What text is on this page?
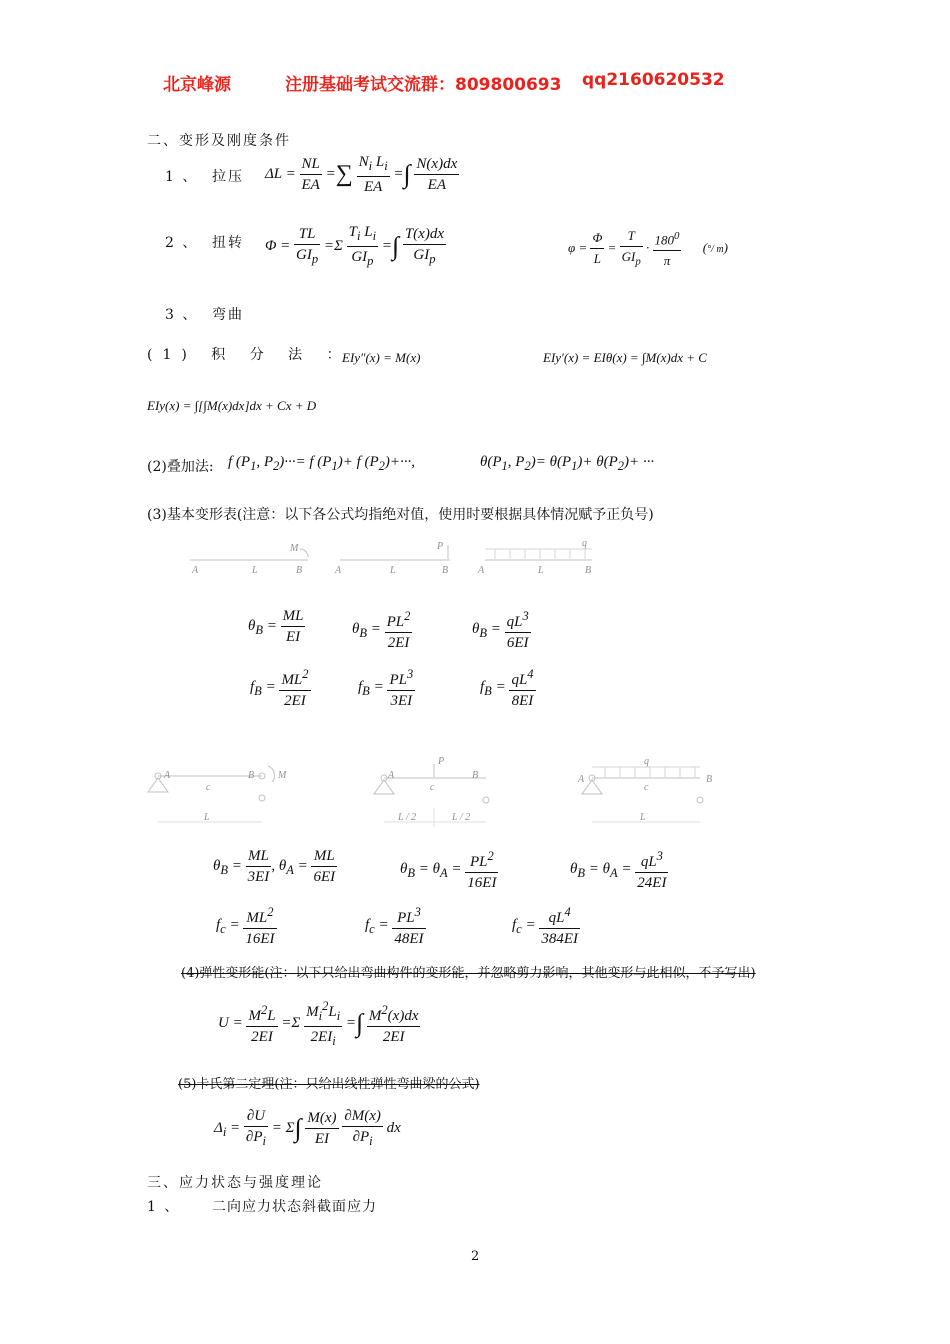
北京峰源	注册基础考试交流群：809800693 qq2160620532
二、变形及刚度条件
1 、 拉压 $\Delta L = \frac{NL}{EA}$ =∑ $\frac{N_i L_i}{EA}$ =∫ $\frac{N(x)dx}{EA}$
2 、 扭转 $\Phi = \frac{TL}{GI_p} =\Sigma \frac{T_i L_i}{GI_p}$ =∫ $\frac{T(x)dx}{GI_p}$	$\varphi = \frac{\Phi}{L} = \frac{T}{GI_p} \cdot \frac{180^0}{\pi}$ (°/ m)
3 、 弯曲
(1) 积 分 法 ：
EIy″(x) = M(x)	EIy′(x) = EIθ(x) = ∫M(x)dx + C
EIy(x) = ∫[∫M(x)dx]dx + Cx + D
(2)叠加法: f ($P_1$, $P_2)\cdot\cdot\cdot= f$ $(P_1)+ f$ $(P_2)+\cdot\cdot\cdot$,	$\theta(P_1$, $P_2)= \theta(P_1)+ \theta(P_2)+$ ···
(3)基本变形表(注意：以下各公式均指绝对值，使用时要根据具体情况赋予正负号)
M
A	L	B
P
A	L	B
q
A	L	B
$\theta_B = \frac{ML}{EI}$	$\theta_B = \frac{PL^2}{2EI}$	$\theta_B = \frac{qL^3}{6EI}$
$f_B = \frac{ML^2}{2EI}$	$f_B = \frac{PL^3}{3EI}$	$f_B = \frac{qL^4}{8EI}$
A	B M
c
L
P
A	B
c
L / 2	L / 2
q
A	B
c
L
$\theta_B = \frac{ML}{3EI}$ , $\theta_A = \frac{ML}{6EI}$	$\theta_B = \theta_A = \frac{PL^2}{16EI}$	$\theta_B = \theta_A = \frac{qL^3}{24EI}$
$f_c = \frac{ML^2}{16EI}$	$f_c = \frac{PL^3}{48EI}$	$f_c = \frac{qL^4}{384EI}$
(4)弹性变形能(注：以下只给出弯曲构件的变形能，并忽略剪力影响，其他变形与此相似，不予写出)
$U = \frac{M^2L}{2EI} =\Sigma \frac{M_i^2L_i}{2EI_i}$ =∫ $\frac{M^2(x)dx}{2EI}$
(5)卡氏第二定理(注：只给出线性弹性弯曲梁的公式)
$\Delta_i = \frac{\partial U}{\partial P_i} = \Sigma\int \frac{M(x)}{EI}$
$\frac{\partial M(x)}{\partial P_i}$ dx
三、应力状态与强度理论
1 、 二向应力状态斜截面应力
2
